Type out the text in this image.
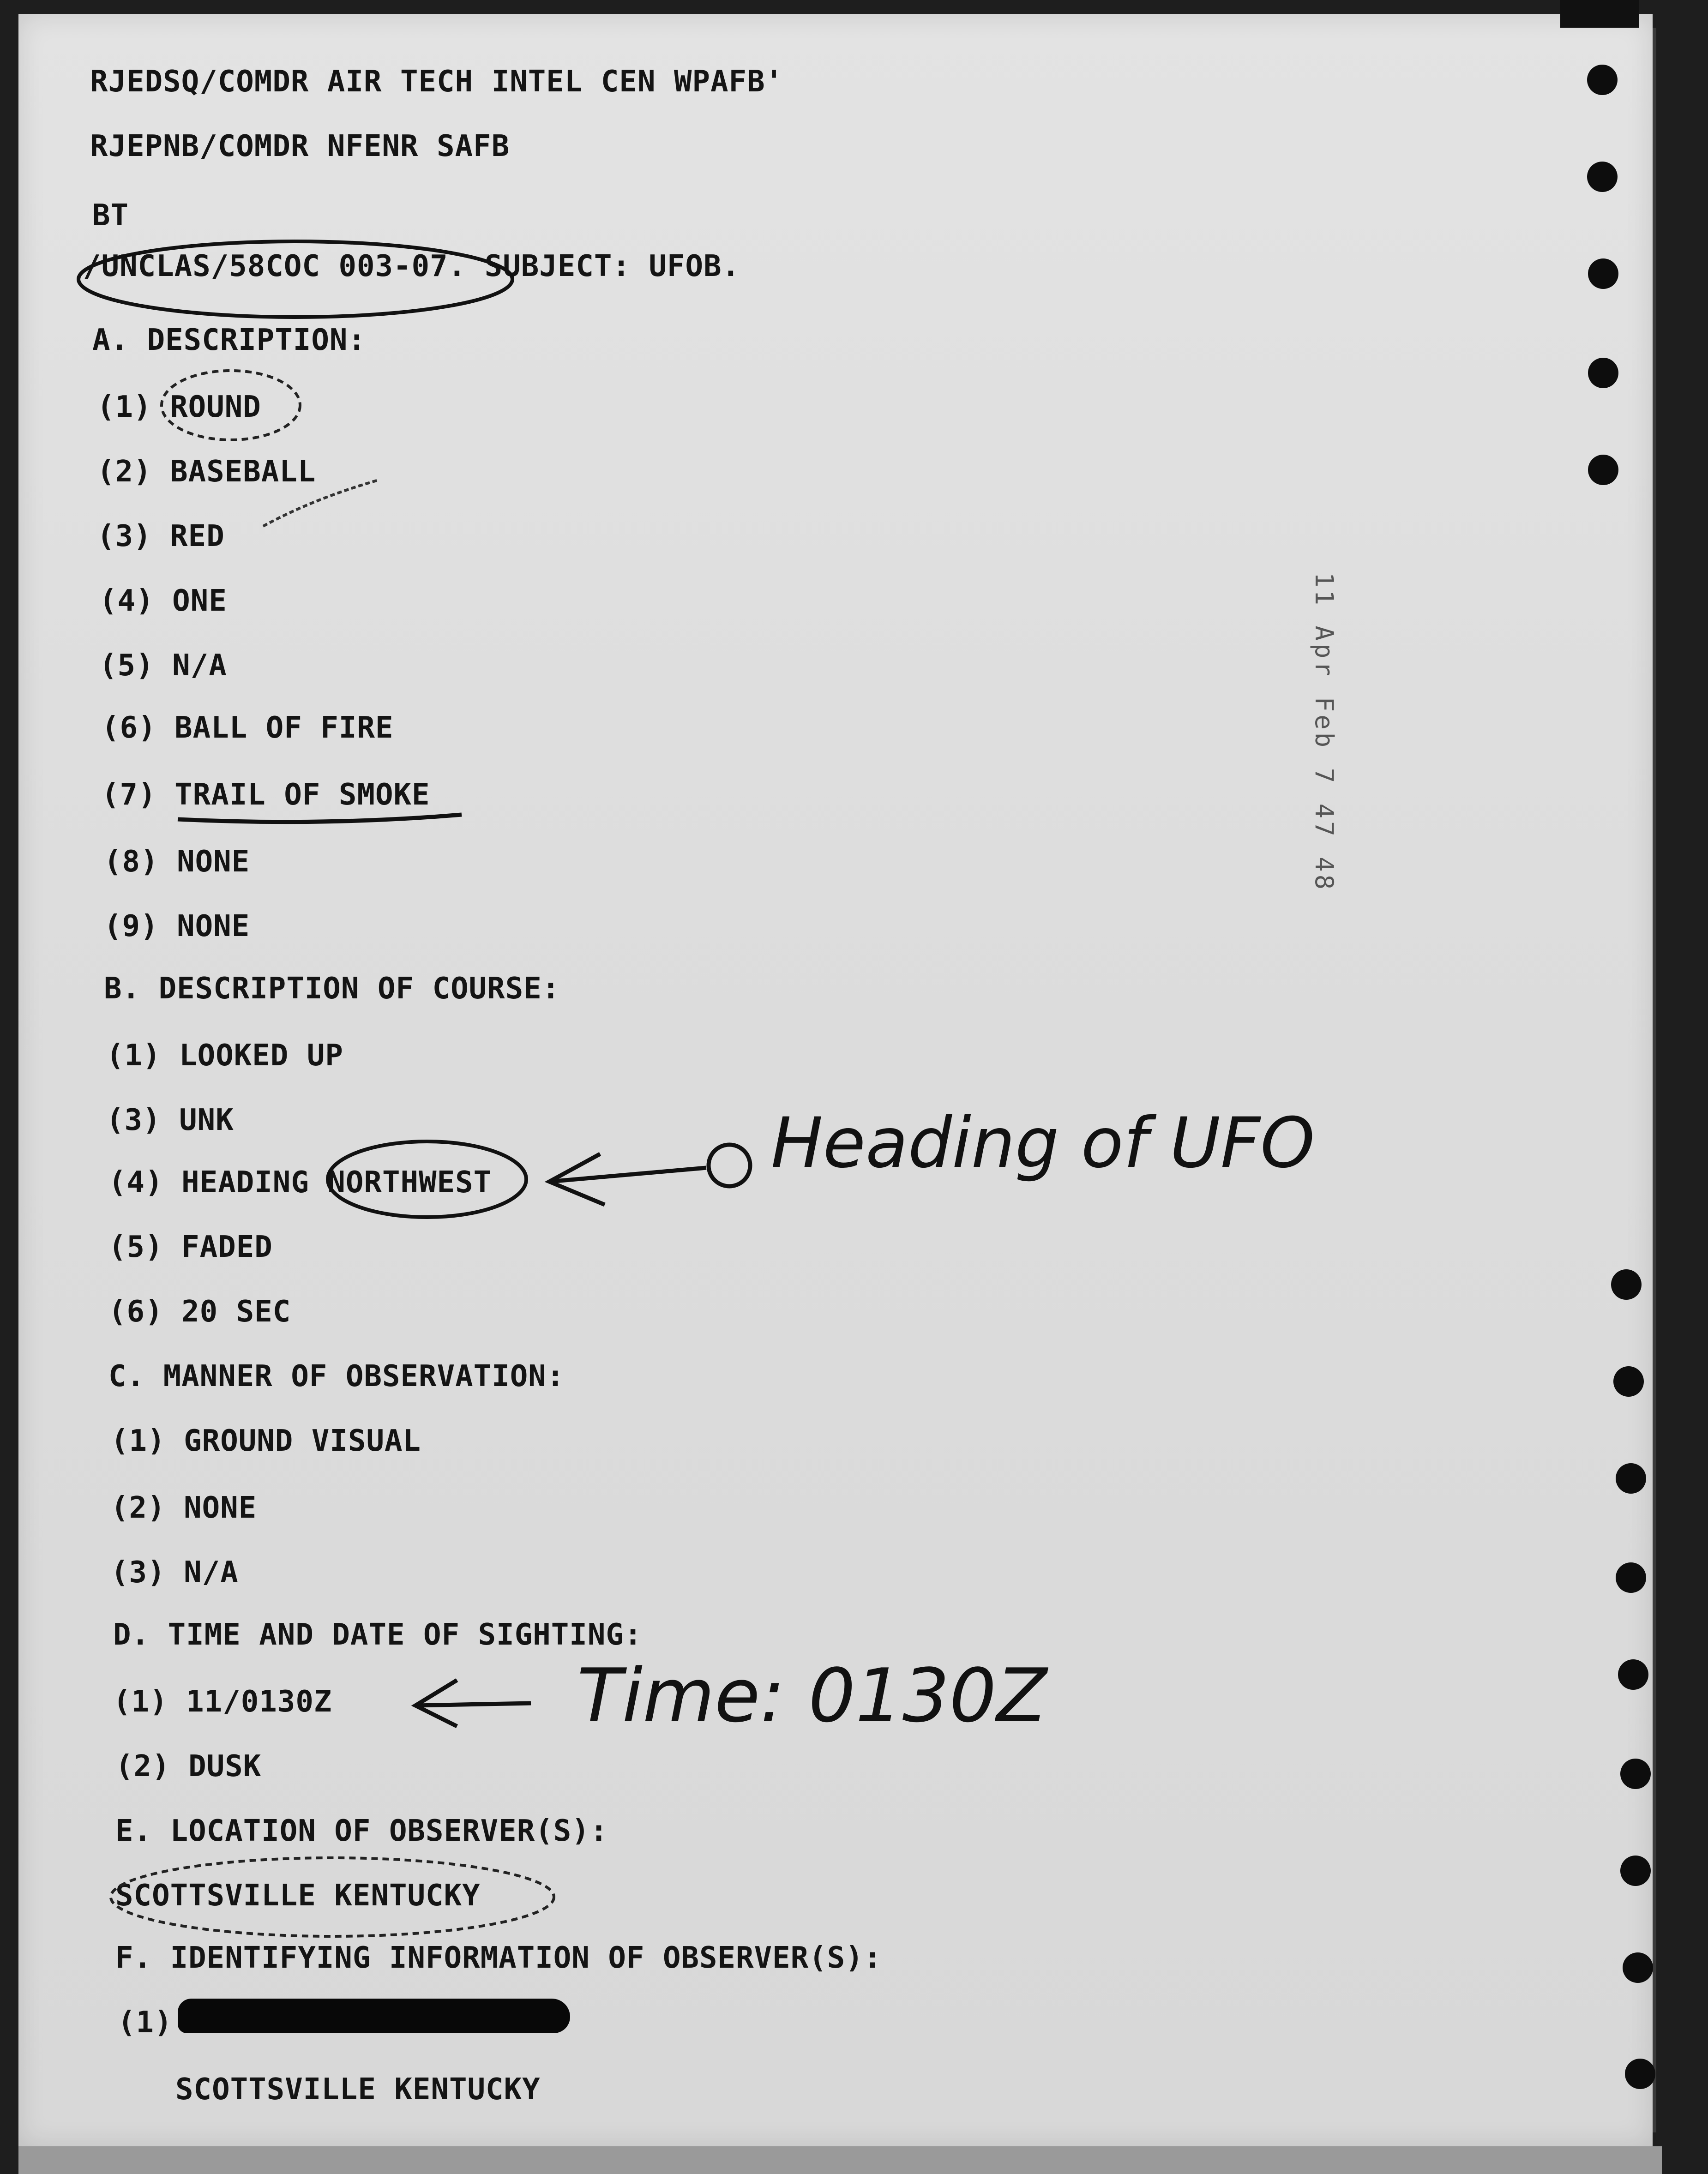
11 Apr Feb 7 47 48
RJEDSQ/COMDR AIR TECH INTEL CEN WPAFB'
RJEPNB/COMDR NFENR SAFB
BT
/UNCLAS/58COC 003-07. SUBJECT: UFOB.
A. DESCRIPTION:
(1) ROUND
(2) BASEBALL
(3) RED
(4) ONE
(5) N/A
(6) BALL OF FIRE
(7) TRAIL OF SMOKE
(8) NONE
(9) NONE
B. DESCRIPTION OF COURSE:
(1) LOOKED UP
(3) UNK
(4) HEADING NORTHWEST
(5) FADED
(6) 20 SEC
C. MANNER OF OBSERVATION:
(1) GROUND VISUAL
(2) NONE
(3) N/A
D. TIME AND DATE OF SIGHTING:
(1) 11/0130Z
(2) DUSK
E. LOCATION OF OBSERVER(S):
SCOTTSVILLE KENTUCKY
F. IDENTIFYING INFORMATION OF OBSERVER(S):
(1)
SCOTTSVILLE KENTUCKY
Heading of UFO
Time: 0130Z
